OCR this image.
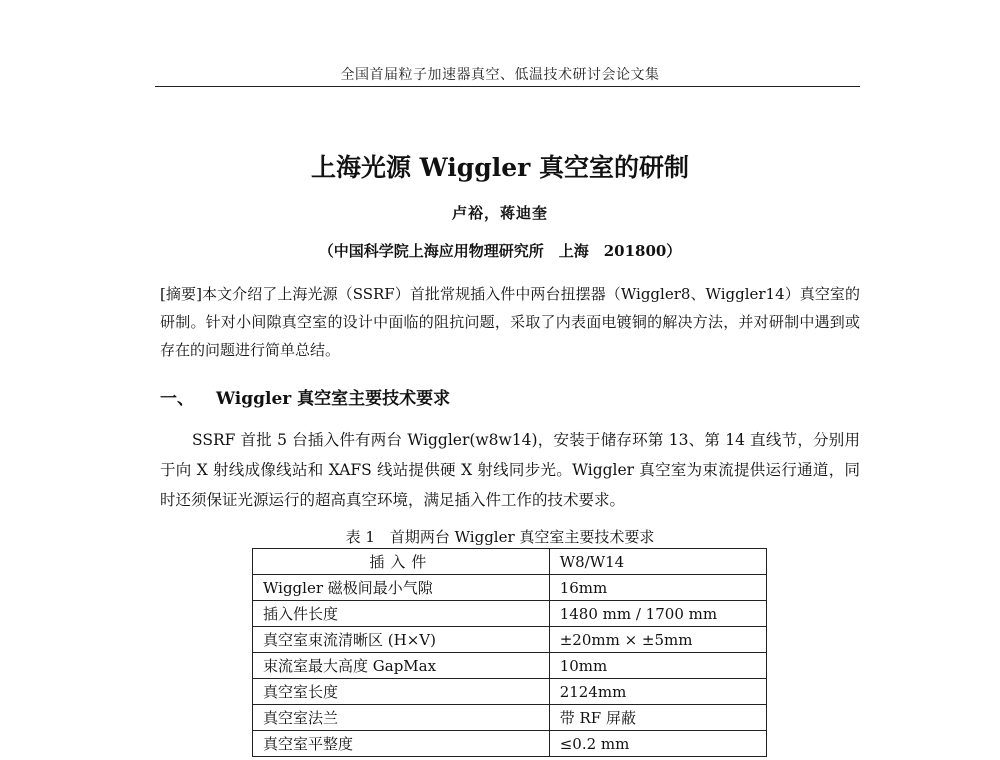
全国首届粒子加速器真空、低温技术研讨会论文集
上海光源 Wiggler 真空室的研制
卢裕，蒋迪奎
（中国科学院上海应用物理研究所　上海　201800）
[摘要]本文介绍了上海光源（SSRF）首批常规插入件中两台扭摆器（Wiggler8、Wiggler14）真空室的研制。针对小间隙真空室的设计中面临的阻抗问题，采取了内表面电镀铜的解决方法，并对研制中遇到或存在的问题进行简单总结。
一、 Wiggler 真空室主要技术要求
SSRF 首批 5 台插入件有两台 Wiggler(w8w14)，安装于储存环第 13、第 14 直线节，分别用于向 X 射线成像线站和 XAFS 线站提供硬 X 射线同步光。Wiggler 真空室为束流提供运行通道，同时还须保证光源运行的超高真空环境，满足插入件工作的技术要求。
表 1　首期两台 Wiggler 真空室主要技术要求
插入件	W8/W14
Wiggler 磁极间最小气隙	16mm
插入件长度	1480 mm / 1700 mm
真空室束流清晰区 (H×V)	±20mm × ±5mm
束流室最大高度 GapMax	10mm
真空室长度	2124mm
真空室法兰	带 RF 屏蔽
真空室平整度	≤0.2 mm
